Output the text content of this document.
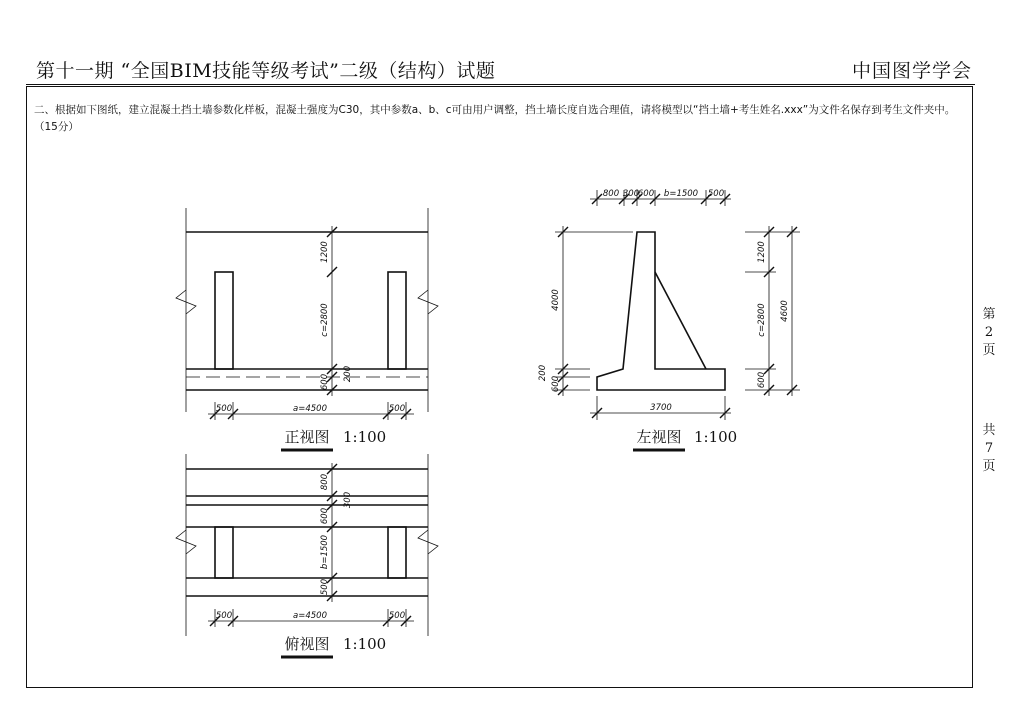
第十一期 “全国BIM技能等级考试”二级（结构）试题	中国图学学会
二、根据如下图纸，建立混凝土挡土墙参数化样板，混凝土强度为C30，其中参数a、b、c可由用户调整，挡土墙长度自选合理值，请将模型以“挡土墙+考生姓名.xxx”为文件名保存到考生文件夹中。
（15分）
第
2
页
共
7
页
1200
c=2800
600 200
500	a=4500	500
正视图 1:100
800
300
600
b=1500
500
500	a=4500	500
俯视图 1:100
800 300
600 b=1500 500
4000
200
600
1200
c=2800
600
4600
3700
左视图 1:100
